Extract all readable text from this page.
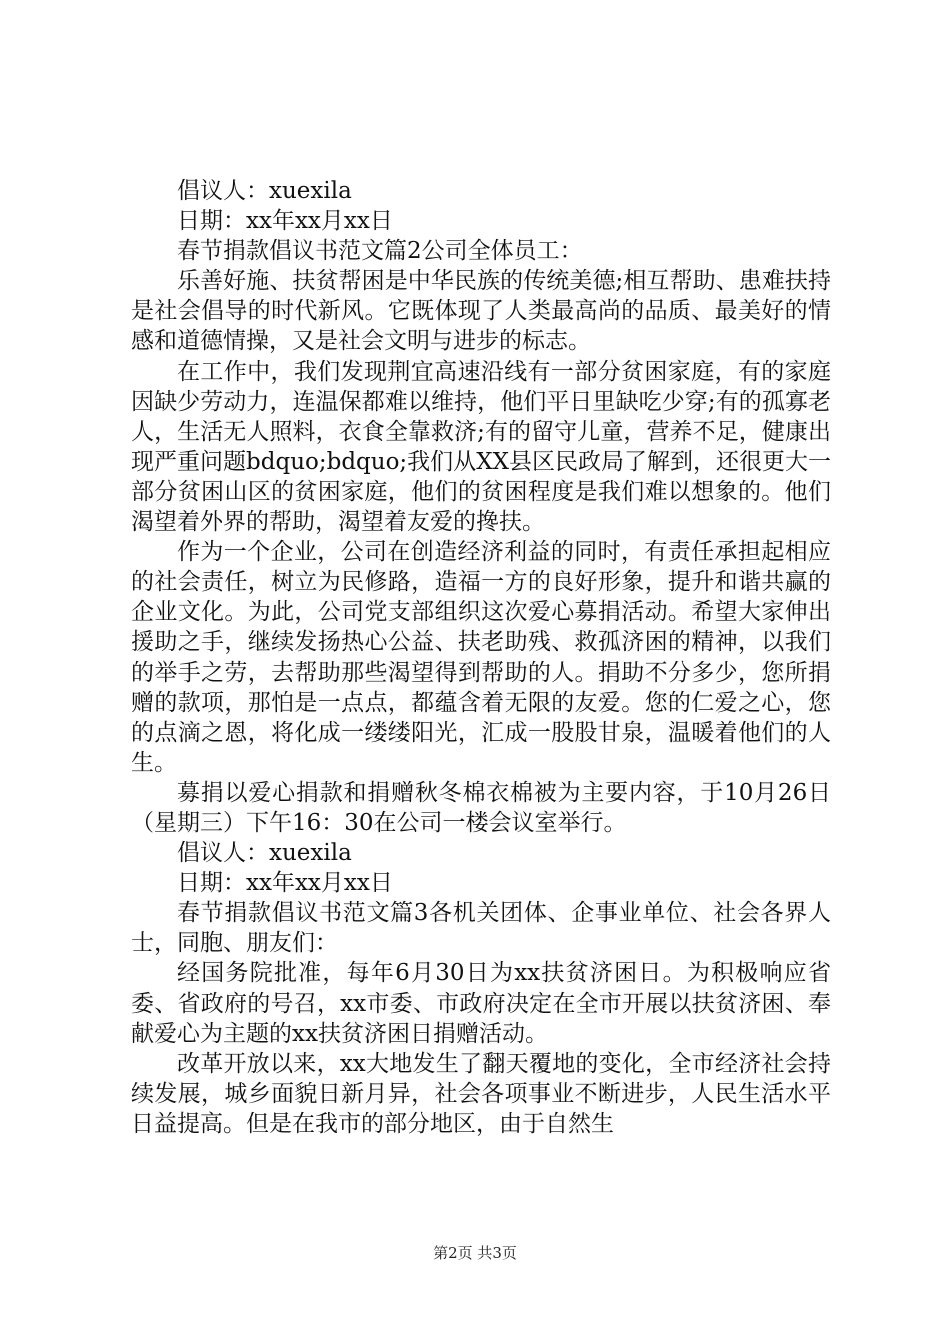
倡议人：xuexila

日期：xx年xx月xx日

春节捐款倡议书范文篇2公司全体员工：

乐善好施、扶贫帮困是中华民族的传统美德;相互帮助、患难扶持是社会倡导的时代新风。它既体现了人类最高尚的品质、最美好的情感和道德情操，又是社会文明与进步的标志。

在工作中，我们发现荆宜高速沿线有一部分贫困家庭，有的家庭因缺少劳动力，连温保都难以维持，他们平日里缺吃少穿;有的孤寡老人，生活无人照料，衣食全靠救济;有的留守儿童，营养不足，健康出现严重问题bdquo;bdquo;我们从XX县区民政局了解到，还很更大一部分贫困山区的贫困家庭，他们的贫困程度是我们难以想象的。他们渴望着外界的帮助，渴望着友爱的搀扶。

作为一个企业，公司在创造经济利益的同时，有责任承担起相应的社会责任，树立为民修路，造福一方的良好形象，提升和谐共赢的企业文化。为此，公司党支部组织这次爱心募捐活动。希望大家伸出援助之手，继续发扬热心公益、扶老助残、救孤济困的精神，以我们的举手之劳，去帮助那些渴望得到帮助的人。捐助不分多少，您所捐赠的款项，那怕是一点点，都蕴含着无限的友爱。您的仁爱之心，您的点滴之恩，将化成一缕缕阳光，汇成一股股甘泉，温暖着他们的人生。

募捐以爱心捐款和捐赠秋冬棉衣棉被为主要内容，于10月26日（星期三）下午16：30在公司一楼会议室举行。

倡议人：xuexila

日期：xx年xx月xx日

春节捐款倡议书范文篇3各机关团体、企事业单位、社会各界人士，同胞、朋友们：

经国务院批准，每年6月30日为xx扶贫济困日。为积极响应省委、省政府的号召，xx市委、市政府决定在全市开展以扶贫济困、奉献爱心为主题的xx扶贫济困日捐赠活动。

改革开放以来，xx大地发生了翻天覆地的变化，全市经济社会持续发展，城乡面貌日新月异，社会各项事业不断进步，人民生活水平日益提高。但是在我市的部分地区，由于自然生

第2页 共3页
